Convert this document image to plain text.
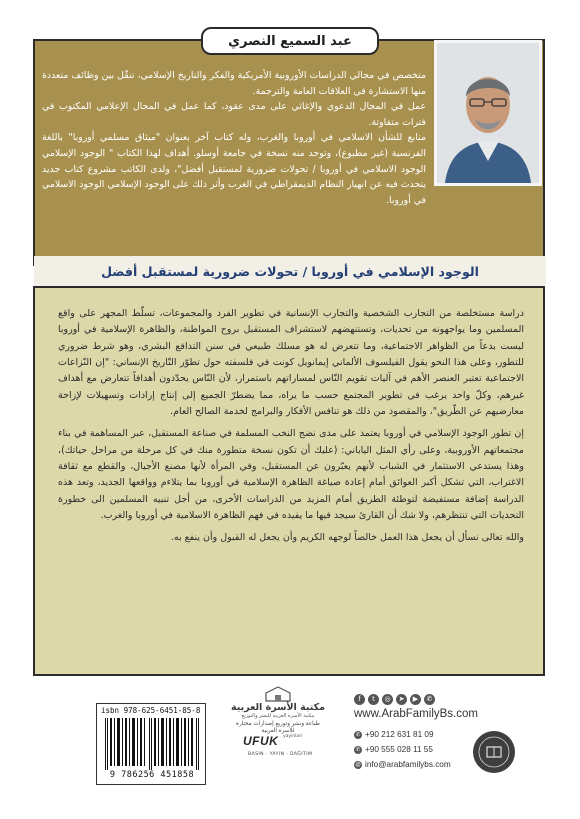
عبد السميع النصري

متخصص في مجالي الدراسات الأوروبية الأمريكية والفكر والتاريخ الإسلامي، تنقّل بين وظائف متعددة منها الاستشارة في العلاقات العامة والترجمة.

عمل في المجال الدعوي والإغاثي على مدى عقود، كما عمل في المجال الإعلامي المكتوب في فترات متفاوتة.

متابع للشأن الاسلامي في أوروبا والغرب، وله كتاب آخر بعنوان "ميثاق مسلمي أوروبا" باللغة الفرنسية (غير مطبوع)، وتوجد منه نسخة في جامعة أوسلو. أهداف لهذا الكتاب " الوجود الإسلامي الوجود الاسلامي في أوروبا / تحولات ضرورية لمستقبل أفضل"، ولدى الكاتب مشروع كتاب جديد يتحدث فيه عن انهيار النظام الديمقراطي في الغرب وأثر ذلك على الوجود الإسلامي الوجود الاسلامي في أوروبا.

الوجود الإسلامي في أوروبا / تحولات ضرورية لمستقبل أفضل

دراسة مستخلصة من التجارب الشخصية والتجارب الإنسانية في تطوير الفرد والمجموعات، تسلّط المجهر على واقع المسلمين وما يواجهونه من تحديات، وتستنهضهم لاستشراف المستقبل بروح المواطنة، والظاهرة الإسلامية في أوروبا ليست بدعاً من الظواهر الاجتماعية، وما تتعرض له هو مسلك طبيعي في سنن التدافع البشري، وهو شرط ضروري للتطور، وعلى هذا النحو يقول الفيلسوف الألماني إيمانويل كونت في فلسفته حول تطوّر التّاريخ الإنساني: "إن النّزاعات الاجتماعية تعتبر العنصر الأهم في آليات تقويم النّاس لمساراتهم باستمرار، لأن النّاس يحدّدون أهدافاً تتعارض مع أهداف غيرهم، وكلّ واحد يرغب في تطوير المجتمع حسب ما يراه، مما يضطرّ الجميع إلى إنتاج إرادات وتسهيلات لإزاحة معارضيهم عن الطّريق"، والمقصود من ذلك هو تنافس الأفكار والبرامج لخدمة الصالح العام.

إن تطور الوجود الإسلامي في أوروبا يعتمد على مدى نضج النخب المسلمة في صناعة المستقبل، عبر المساهمة في بناء مجتمعاتهم الأوروبية، وعلى رأي المثل الياباني: (عليك أن تكون نسخة متطورة منك في كل مرحلة من مراحل حياتك)، وهذا يستدعي الاستثمار في الشباب لأنهم يعبّرون عن المستقبل، وفي المرأة لأنها مصنع الأجيال، والقطع مع ثقافة الاغتراب، التي تشكل أكبر العوائق أمام إعادة صياغة الظاهرة الإسلامية في أوروبا بما يتلاءم وواقعها الجديد، وتعد هذه الدراسة إضافة مستفيضة لتوطئة الطريق أمام المزيد من الدراسات الأخرى، من أجل تنبيه المسلمين الى خطورة التحديات التي تنتظرهم، ولا شك أن القارئ سيجد فيها ما يفيده في فهم الظاهرة الاسلامية في أوروبا والغرب.

والله تعالى نسأل أن يجعل هذا العمل خالصاً لوجهه الكريم وأن يجعل له القبول وأن ينفع به.

isbn 978-625-6451-85-8
9 786256 451858
مكتبة الأسرة العربية
مكتبة الأسرة العربية للنشر والتوزيع
طباعة ونشر وتوزيع إصدارات مختارة للأسرة العربية
UFUK yayinlari
BASIN · YAYIN · DAĞITIM
f	t	◎	➤	▶	✆
www.ArabFamilyBs.com
✆ +90 212 631 81 09
✆ +90 555 028 11 55
@ info@arabfamilybs.com
